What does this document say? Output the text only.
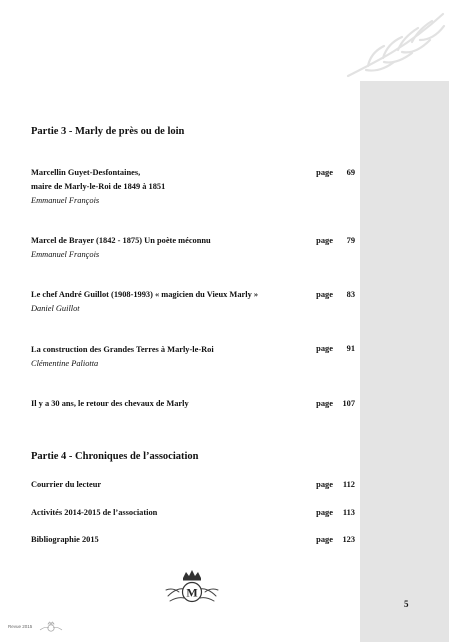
Partie 3 - Marly de près ou de loin
Marcellin Guyet-Desfontaines,
maire de Marly-le-Roi de 1849 à 1851
Emmanuel François
page 69
Marcel de Brayer (1842 - 1875) Un poète méconnu
Emmanuel François
page 79
Le chef André Guillot (1908-1993) « magicien du Vieux Marly »
Daniel Guillot
page 83
La construction des Grandes Terres à Marly-le-Roi
Clémentine Paliotta
page 91
Il y a 30 ans, le retour des chevaux de Marly	page 107
Partie 4 - Chroniques de l’association
Courrier du lecteur	page 112
Activités 2014-2015 de l’association	page 113
Bibliographie 2015	page 123
M
5
Revue 2015
